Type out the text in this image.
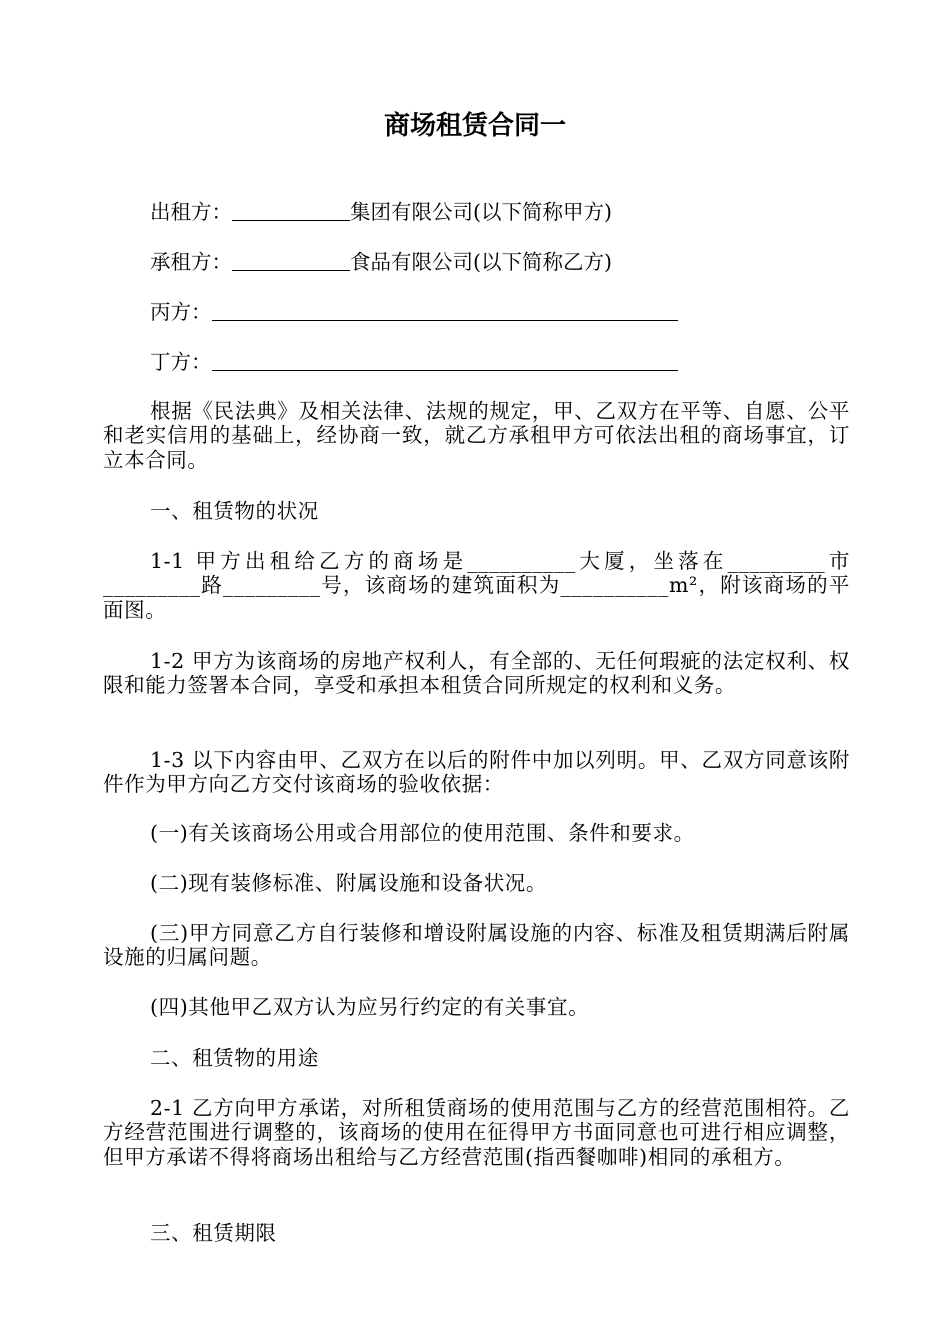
商场租赁合同一
出租方：	集团有限公司(以下简称甲方)
承租方：	食品有限公司(以下简称乙方)
丙方：
丁方：
根据《民法典》及相关法律、法规的规定，甲、乙双方在平等、自愿、公平和老实信用的基础上，经协商一致，就乙方承租甲方可依法出租的商场事宜，订立本合同。
一、租赁物的状况
1-1 甲方出租给乙方的商场是__________大厦，坐落在_________市_________路_________号，该商场的建筑面积为__________m²，附该商场的平面图。
1-2 甲方为该商场的房地产权利人，有全部的、无任何瑕疵的法定权利、权限和能力签署本合同，享受和承担本租赁合同所规定的权利和义务。
1-3 以下内容由甲、乙双方在以后的附件中加以列明。甲、乙双方同意该附件作为甲方向乙方交付该商场的验收依据：
(一)有关该商场公用或合用部位的使用范围、条件和要求。
(二)现有装修标准、附属设施和设备状况。
(三)甲方同意乙方自行装修和增设附属设施的内容、标准及租赁期满后附属设施的归属问题。
(四)其他甲乙双方认为应另行约定的有关事宜。
二、租赁物的用途
2-1 乙方向甲方承诺，对所租赁商场的使用范围与乙方的经营范围相符。乙方经营范围进行调整的，该商场的使用在征得甲方书面同意也可进行相应调整，但甲方承诺不得将商场出租给与乙方经营范围(指西餐咖啡)相同的承租方。
三、租赁期限
